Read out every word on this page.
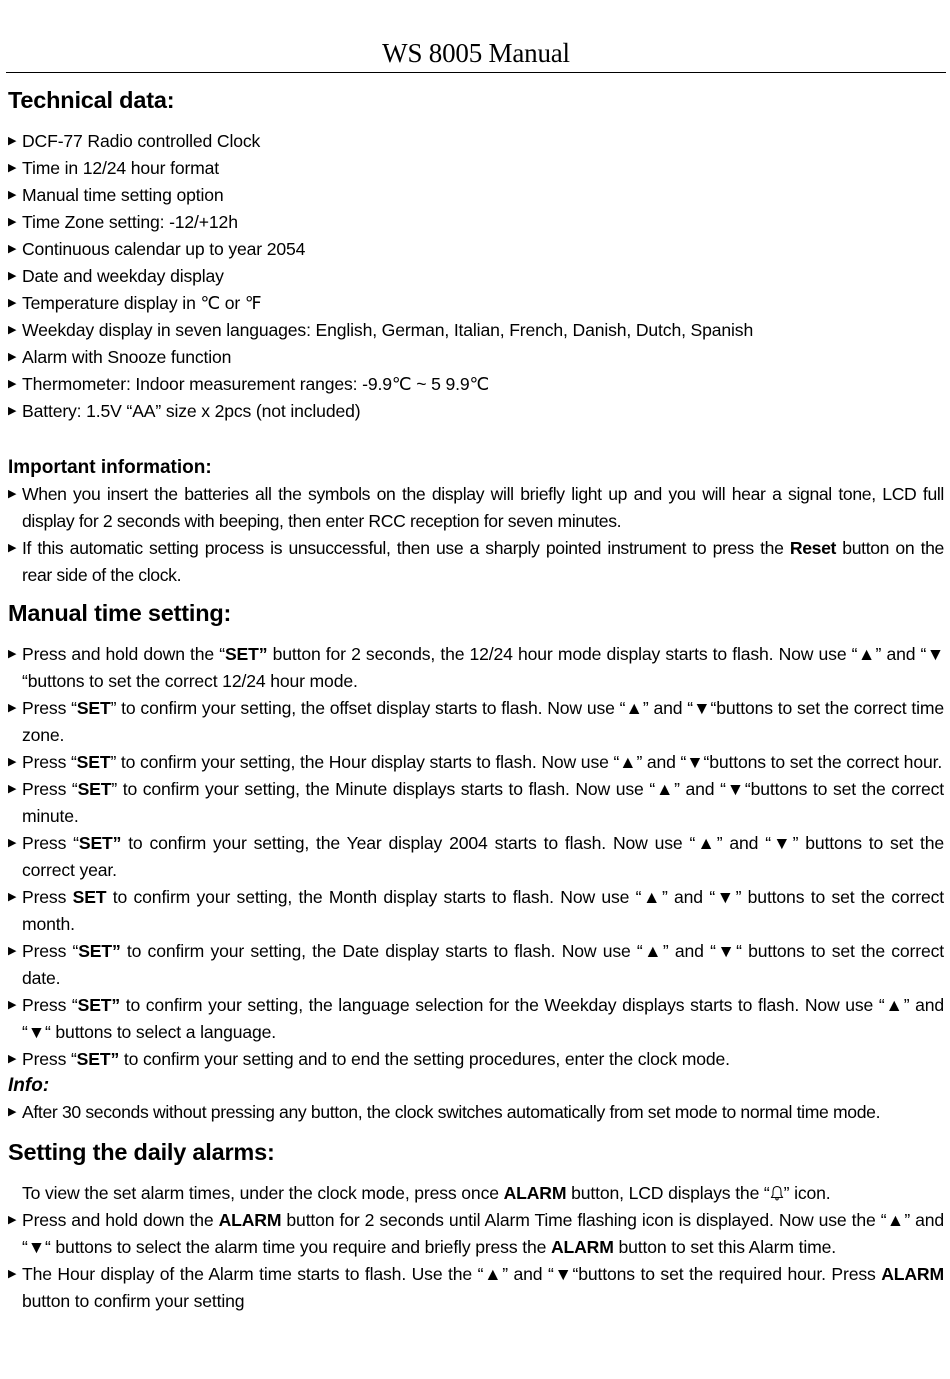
WS 8005 Manual
Technical data:
▶ DCF-77 Radio controlled Clock
▶ Time in 12/24 hour format
▶ Manual time setting option
▶ Time Zone setting: -12/+12h
▶ Continuous calendar up to year 2054
▶ Date and weekday display
▶ Temperature display in ℃ or ℉
▶ Weekday display in seven languages: English, German, Italian, French, Danish, Dutch, Spanish
▶ Alarm with Snooze function
▶ Thermometer: Indoor measurement ranges: -9.9℃ ~ 5 9.9℃
▶ Battery: 1.5V “AA” size x 2pcs (not included)
Important information:
▶ When you insert the batteries all the symbols on the display will briefly light up and you will hear a signal tone, LCD full display for 2 seconds with beeping, then enter RCC reception for seven minutes.
▶ If this automatic setting process is unsuccessful, then use a sharply pointed instrument to press the Reset button on the rear side of the clock.
Manual time setting:
▶ Press and hold down the “SET” button for 2 seconds, the 12/24 hour mode display starts to flash. Now use “▲” and “▼ “buttons to set the correct 12/24 hour mode.
▶ Press “SET” to confirm your setting, the offset display starts to flash. Now use “▲” and “▼“buttons to set the correct time zone.
▶ Press “SET” to confirm your setting, the Hour display starts to flash. Now use “▲” and “▼“buttons to set the correct hour.
▶ Press “SET” to confirm your setting, the Minute displays starts to flash. Now use “▲” and “▼“buttons to set the correct minute.
▶ Press “SET” to confirm your setting, the Year display 2004 starts to flash. Now use “▲” and “▼” buttons to set the correct year.
▶ Press SET to confirm your setting, the Month display starts to flash. Now use “▲” and “▼” buttons to set the correct month.
▶ Press “SET” to confirm your setting, the Date display starts to flash. Now use “▲” and “▼“ buttons to set the correct date.
▶ Press “SET” to confirm your setting, the language selection for the Weekday displays starts to flash. Now use “▲” and “▼“ buttons to select a language.
▶ Press “SET” to confirm your setting and to end the setting procedures, enter the clock mode.
Info:
▶ After 30 seconds without pressing any button, the clock switches automatically from set mode to normal time mode.
Setting the daily alarms:
To view the set alarm times, under the clock mode, press once ALARM button, LCD displays the “ ” icon.
▶ Press and hold down the ALARM button for 2 seconds until Alarm Time flashing icon is displayed. Now use the “▲” and “▼“ buttons to select the alarm time you require and briefly press the ALARM button to set this Alarm time.
▶ The Hour display of the Alarm time starts to flash. Use the “▲” and “▼“buttons to set the required hour. Press ALARM button to confirm your setting
